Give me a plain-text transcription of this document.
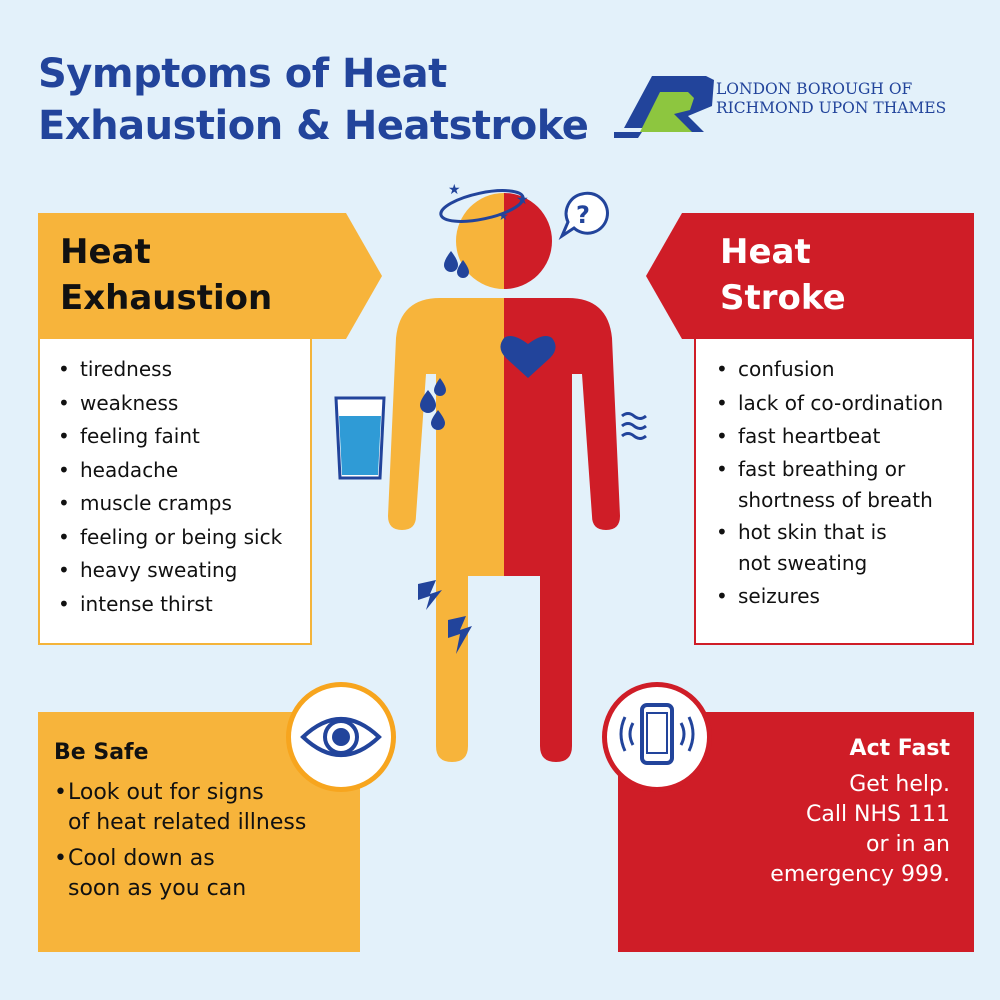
Symptoms of Heat
Exhaustion & Heatstroke
LONDON BOROUGH OF
RICHMOND UPON THAMES
Heat
Exhaustion
• tiredness
• weakness
• feeling faint
• headache
• muscle cramps
• feeling or being sick
• heavy sweating
• intense thirst
Heat
Stroke
• confusion
• lack of co-ordination
• fast heartbeat
• fast breathing or
shortness of breath
• hot skin that is
not sweating
• seizures
★
★
★	?
Be Safe
• Look out for signs
of heat related illness
• Cool down as
soon as you can
Act Fast

Get help.
Call NHS 111
or in an
emergency 999.
